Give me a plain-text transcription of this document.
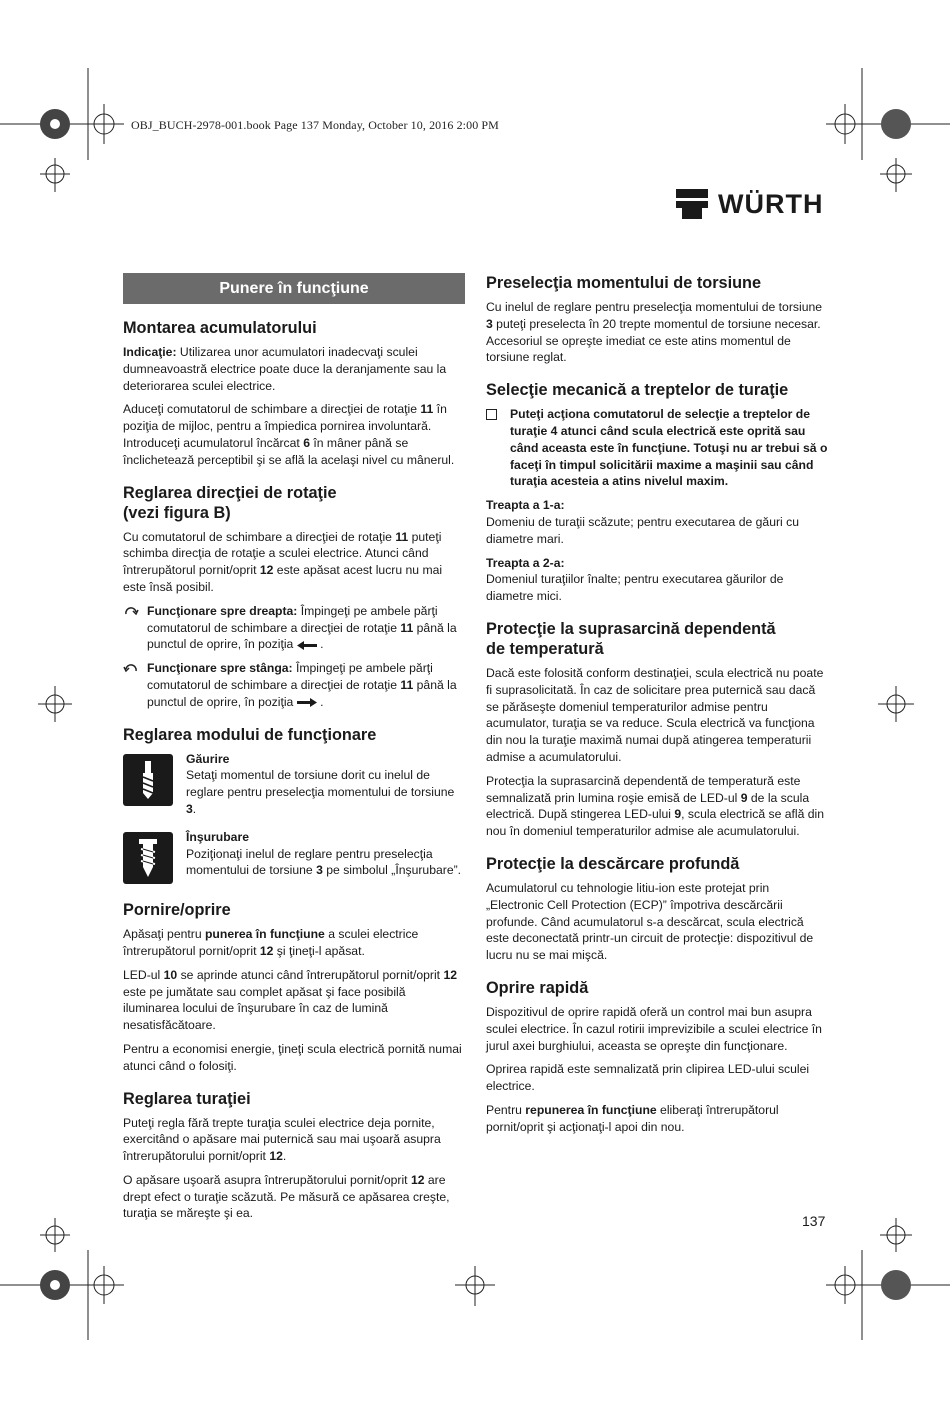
OBJ_BUCH-2978-001.book Page 137 Monday, October 10, 2016 2:00 PM
WÜRTH
Punere în funcţiune
Montarea acumulatorului

Indicaţie: Utilizarea unor acumulatori inadecvaţi sculei dumneavoastră electrice poate duce la deranjamente sau la deteriorarea sculei electrice.

Aduceţi comutatorul de schimbare a direcţiei de rotaţie 11 în poziţia de mijloc, pentru a împiedica pornirea involuntară. Introduceţi acumulatorul încărcat 6 în mâner până se înclichetează perceptibil şi se află la acelaşi nivel cu mânerul.

Reglarea direcţiei de rotaţie
(vezi figura B)

Cu comutatorul de schimbare a direcţiei de rotaţie 11 puteţi schimba direcţia de rotaţie a sculei electrice. Atunci când întrerupătorul pornit/oprit 12 este apăsat acest lucru nu mai este însă posibil.

Funcţionare spre dreapta: Împingeţi pe ambele părţi comutatorul de schimbare a direcţiei de rotaţie 11 până la punctul de oprire, în poziţia  .
Funcţionare spre stânga: Împingeţi pe ambele părţi comutatorul de schimbare a direcţiei de rotaţie 11 până la punctul de oprire, în poziţia  .
Reglarea modului de funcţionare

Găurire

Setaţi momentul de torsiune dorit cu inelul de reglare pentru preselecţia momentului de torsiune 3.

Înşurubare

Poziţionaţi inelul de reglare pentru preselecţia momentului de torsiune 3 pe simbolul „Înşurubare”.

Pornire/oprire

Apăsaţi pentru punerea în funcţiune a sculei electrice întrerupătorul pornit/oprit 12 şi ţineţi-l apăsat.

LED-ul 10 se aprinde atunci când întrerupătorul pornit/oprit 12 este pe jumătate sau complet apăsat şi face posibilă iluminarea locului de înşurubare în caz de lumină nesatisfăcătoare.

Pentru a economisi energie, ţineţi scula electrică pornită numai atunci când o folosiţi.

Reglarea turaţiei

Puteţi regla fără trepte turaţia sculei electrice deja pornite, exercitând o apăsare mai puternică sau mai uşoară asupra întrerupătorului pornit/oprit 12.

O apăsare uşoară asupra întrerupătorului pornit/oprit 12 are drept efect o turaţie scăzută. Pe măsură ce apăsarea creşte, turaţia se măreşte şi ea.

Preselecţia momentului de torsiune

Cu inelul de reglare pentru preselecţia momentului de torsiune 3 puteţi preselecta în 20 trepte momentul de torsiune necesar. Accesoriul se opreşte imediat ce este atins momentul de torsiune reglat.

Selecţie mecanică a treptelor de turaţie
Puteţi acţiona comutatorul de selecţie a treptelor de turaţie 4 atunci când scula electrică este oprită sau când aceasta este în funcţiune. Totuşi nu ar trebui să o faceţi în timpul solicitării maxime a maşinii sau când turaţia acesteia a atins nivelul maxim.

Treapta a 1-a:

Domeniu de turaţii scăzute; pentru executarea de găuri cu diametre mari.

Treapta a 2-a:

Domeniul turaţiilor înalte; pentru executarea găurilor de diametre mici.

Protecţie la suprasarcină dependentă
de temperatură

Dacă este folosită conform destinaţiei, scula electrică nu poate fi suprasolicitată. În caz de solicitare prea puternică sau dacă se părăseşte domeniul temperaturilor admise pentru acumulator, turaţia se va reduce. Scula electrică va funcţiona din nou la turaţie maximă numai după atingerea temperaturii admise a acumulatorului.

Protecţia la suprasarcină dependentă de temperatură este semnalizată prin lumina roşie emisă de LED-ul 9 de la scula electrică. După stingerea LED-ului 9, scula electrică se află din nou în domeniul temperaturilor admise ale acumulatorului.

Protecţie la descărcare profundă

Acumulatorul cu tehnologie litiu-ion este protejat prin „Electronic Cell Protection (ECP)” împotriva descărcării profunde. Când acumulatorul s-a descărcat, scula electrică este deconectată printr-un circuit de protecţie: dispozitivul de lucru nu se mai mişcă.

Oprire rapidă

Dispozitivul de oprire rapidă oferă un control mai bun asupra sculei electrice. În cazul rotirii imprevizibile a sculei electrice în jurul axei burghiului, aceasta se opreşte din funcţionare.

Oprirea rapidă este semnalizată prin clipirea LED-ului sculei electrice.

Pentru repunerea în funcţiune eliberaţi întrerupătorul pornit/oprit şi acţionaţi-l apoi din nou.

137
